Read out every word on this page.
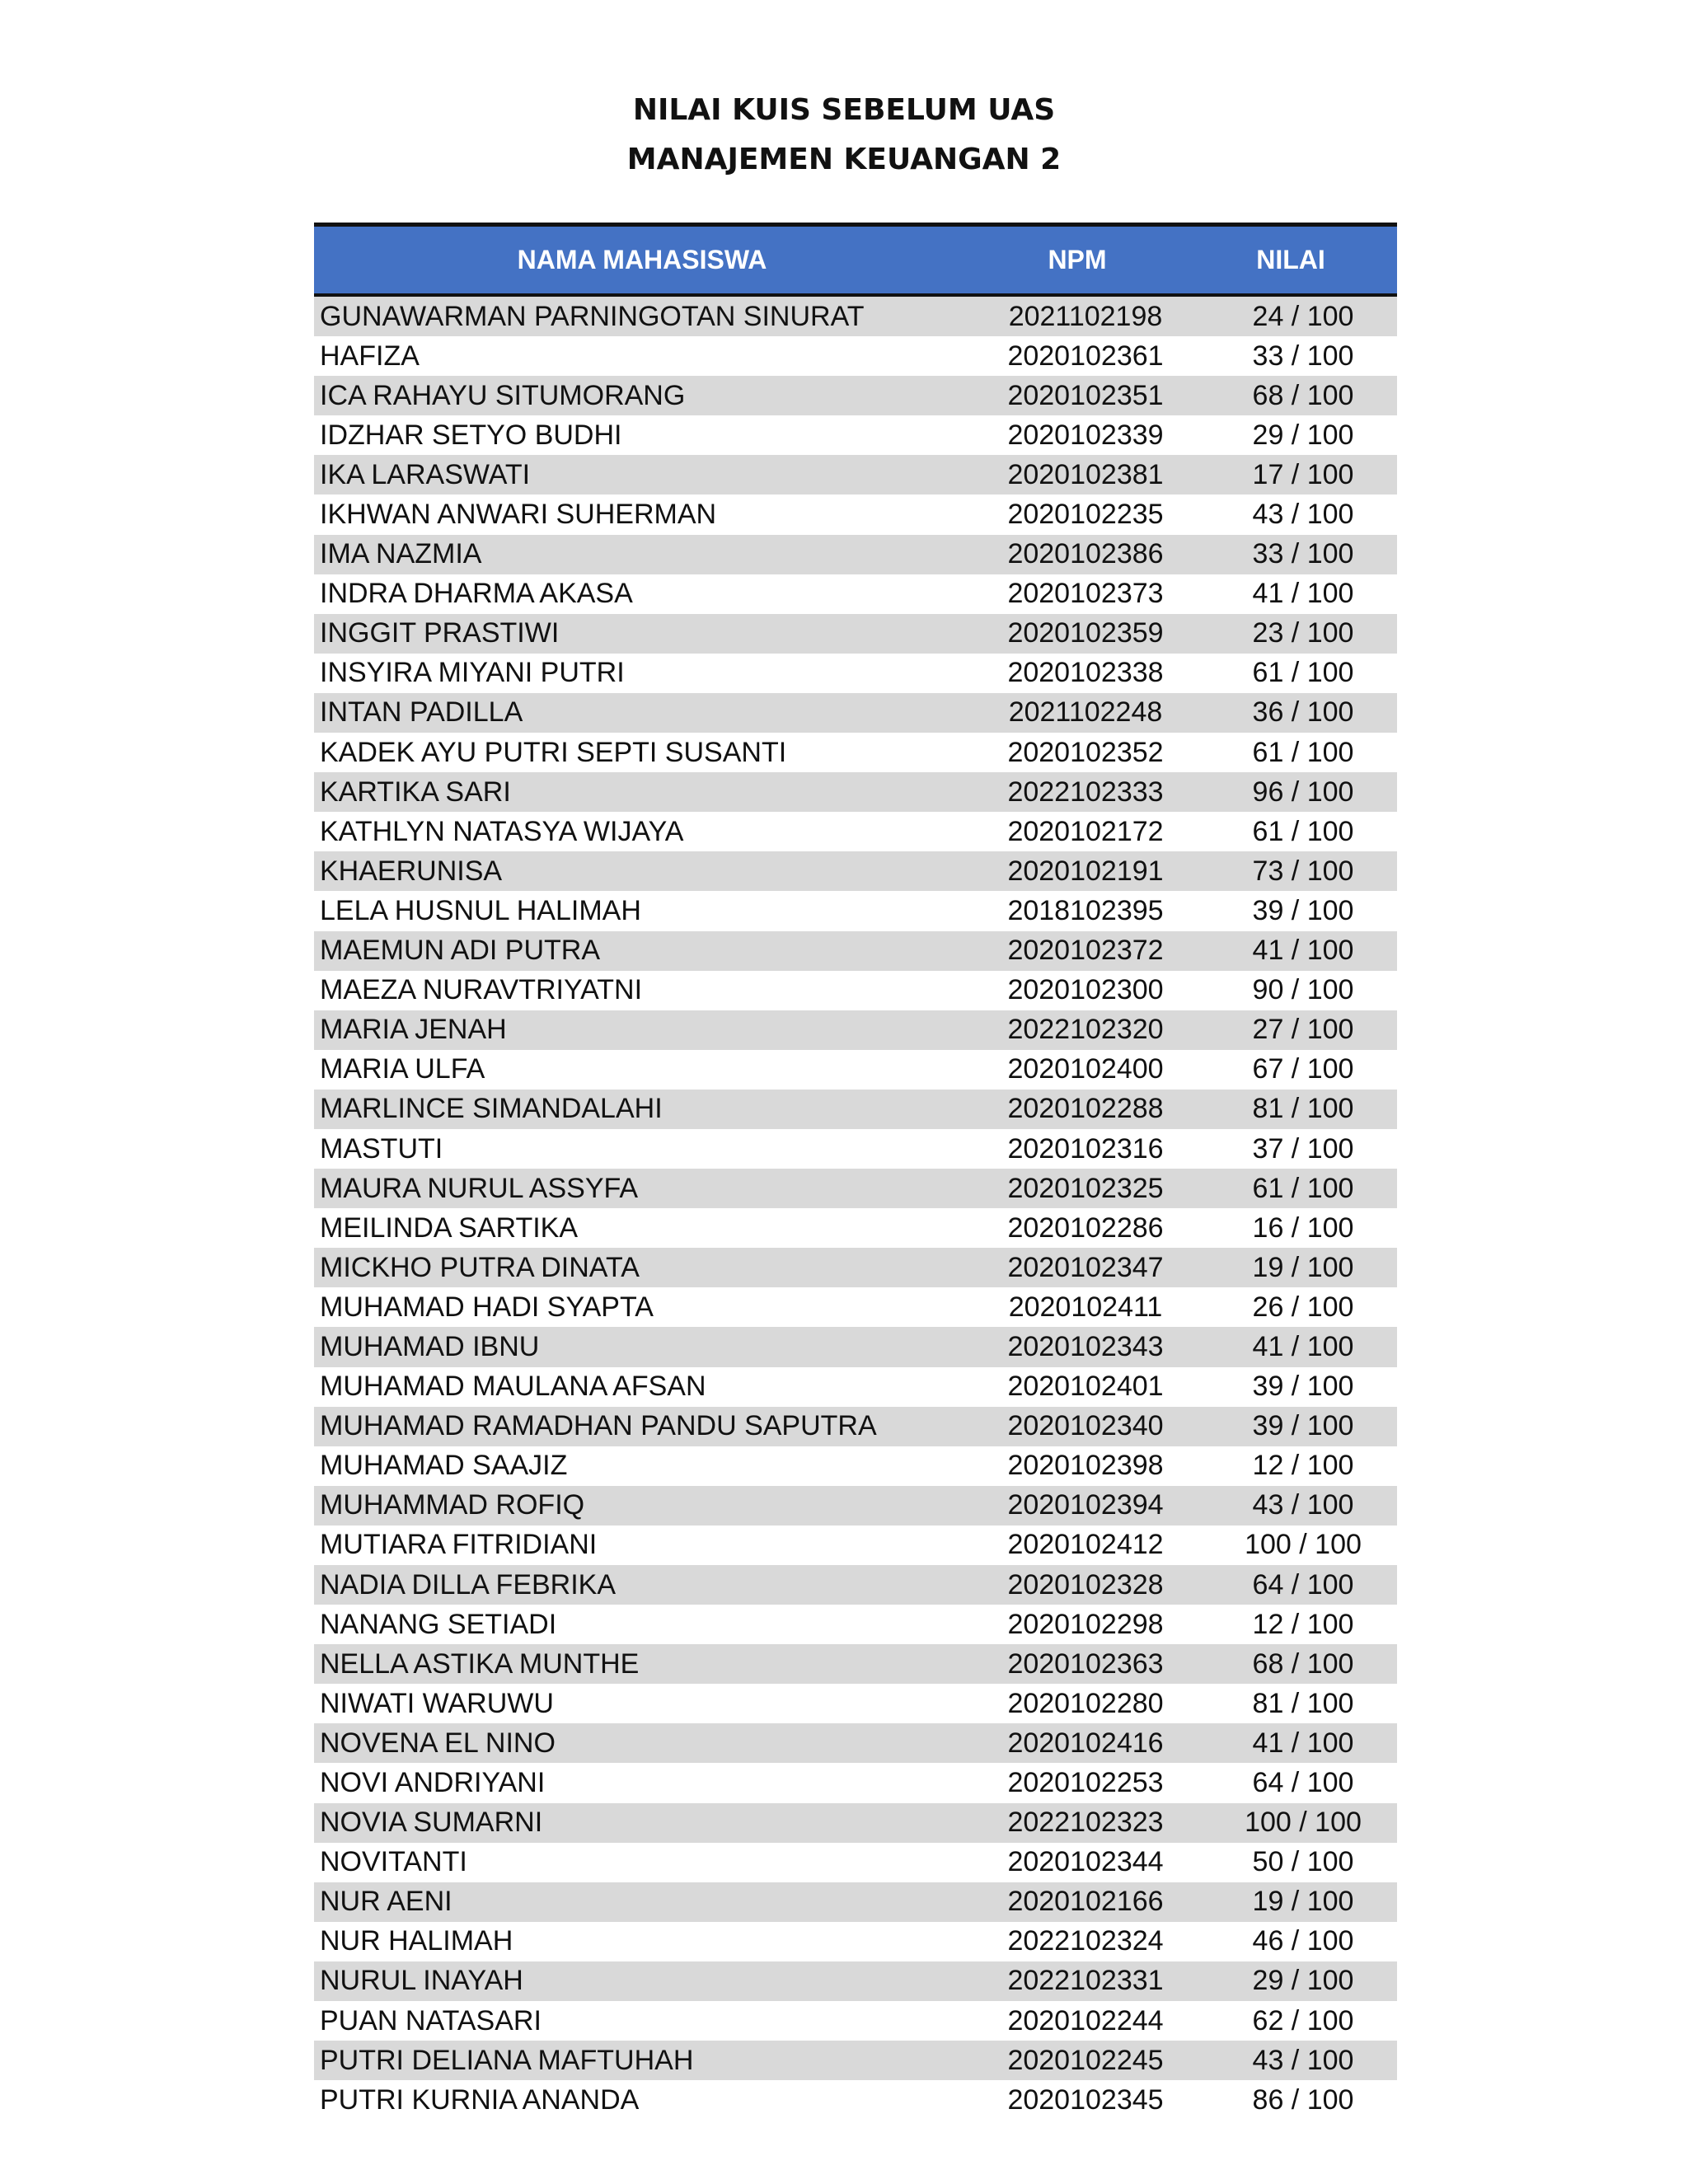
NILAI KUIS SEBELUM UAS
MANAJEMEN KEUANGAN 2
NAMA MAHASISWA	NPM	NILAI
GUNAWARMAN PARNINGOTAN SINURAT	2021102198	24 / 100
HAFIZA	2020102361	33 / 100
ICA RAHAYU SITUMORANG	2020102351	68 / 100
IDZHAR SETYO BUDHI	2020102339	29 / 100
IKA LARASWATI	2020102381	17 / 100
IKHWAN ANWARI SUHERMAN	2020102235	43 / 100
IMA NAZMIA	2020102386	33 / 100
INDRA DHARMA AKASA	2020102373	41 / 100
INGGIT PRASTIWI	2020102359	23 / 100
INSYIRA MIYANI PUTRI	2020102338	61 / 100
INTAN PADILLA	2021102248	36 / 100
KADEK AYU PUTRI SEPTI SUSANTI	2020102352	61 / 100
KARTIKA SARI	2022102333	96 / 100
KATHLYN NATASYA WIJAYA	2020102172	61 / 100
KHAERUNISA	2020102191	73 / 100
LELA HUSNUL HALIMAH	2018102395	39 / 100
MAEMUN ADI PUTRA	2020102372	41 / 100
MAEZA NURAVTRIYATNI	2020102300	90 / 100
MARIA JENAH	2022102320	27 / 100
MARIA ULFA	2020102400	67 / 100
MARLINCE SIMANDALAHI	2020102288	81 / 100
MASTUTI	2020102316	37 / 100
MAURA NURUL ASSYFA	2020102325	61 / 100
MEILINDA SARTIKA	2020102286	16 / 100
MICKHO PUTRA DINATA	2020102347	19 / 100
MUHAMAD HADI SYAPTA	2020102411	26 / 100
MUHAMAD IBNU	2020102343	41 / 100
MUHAMAD MAULANA AFSAN	2020102401	39 / 100
MUHAMAD RAMADHAN PANDU SAPUTRA	2020102340	39 / 100
MUHAMAD SAAJIZ	2020102398	12 / 100
MUHAMMAD ROFIQ	2020102394	43 / 100
MUTIARA FITRIDIANI	2020102412	100 / 100
NADIA DILLA FEBRIKA	2020102328	64 / 100
NANANG SETIADI	2020102298	12 / 100
NELLA ASTIKA MUNTHE	2020102363	68 / 100
NIWATI WARUWU	2020102280	81 / 100
NOVENA EL NINO	2020102416	41 / 100
NOVI ANDRIYANI	2020102253	64 / 100
NOVIA SUMARNI	2022102323	100 / 100
NOVITANTI	2020102344	50 / 100
NUR AENI	2020102166	19 / 100
NUR HALIMAH	2022102324	46 / 100
NURUL INAYAH	2022102331	29 / 100
PUAN NATASARI	2020102244	62 / 100
PUTRI DELIANA MAFTUHAH	2020102245	43 / 100
PUTRI KURNIA ANANDA	2020102345	86 / 100
